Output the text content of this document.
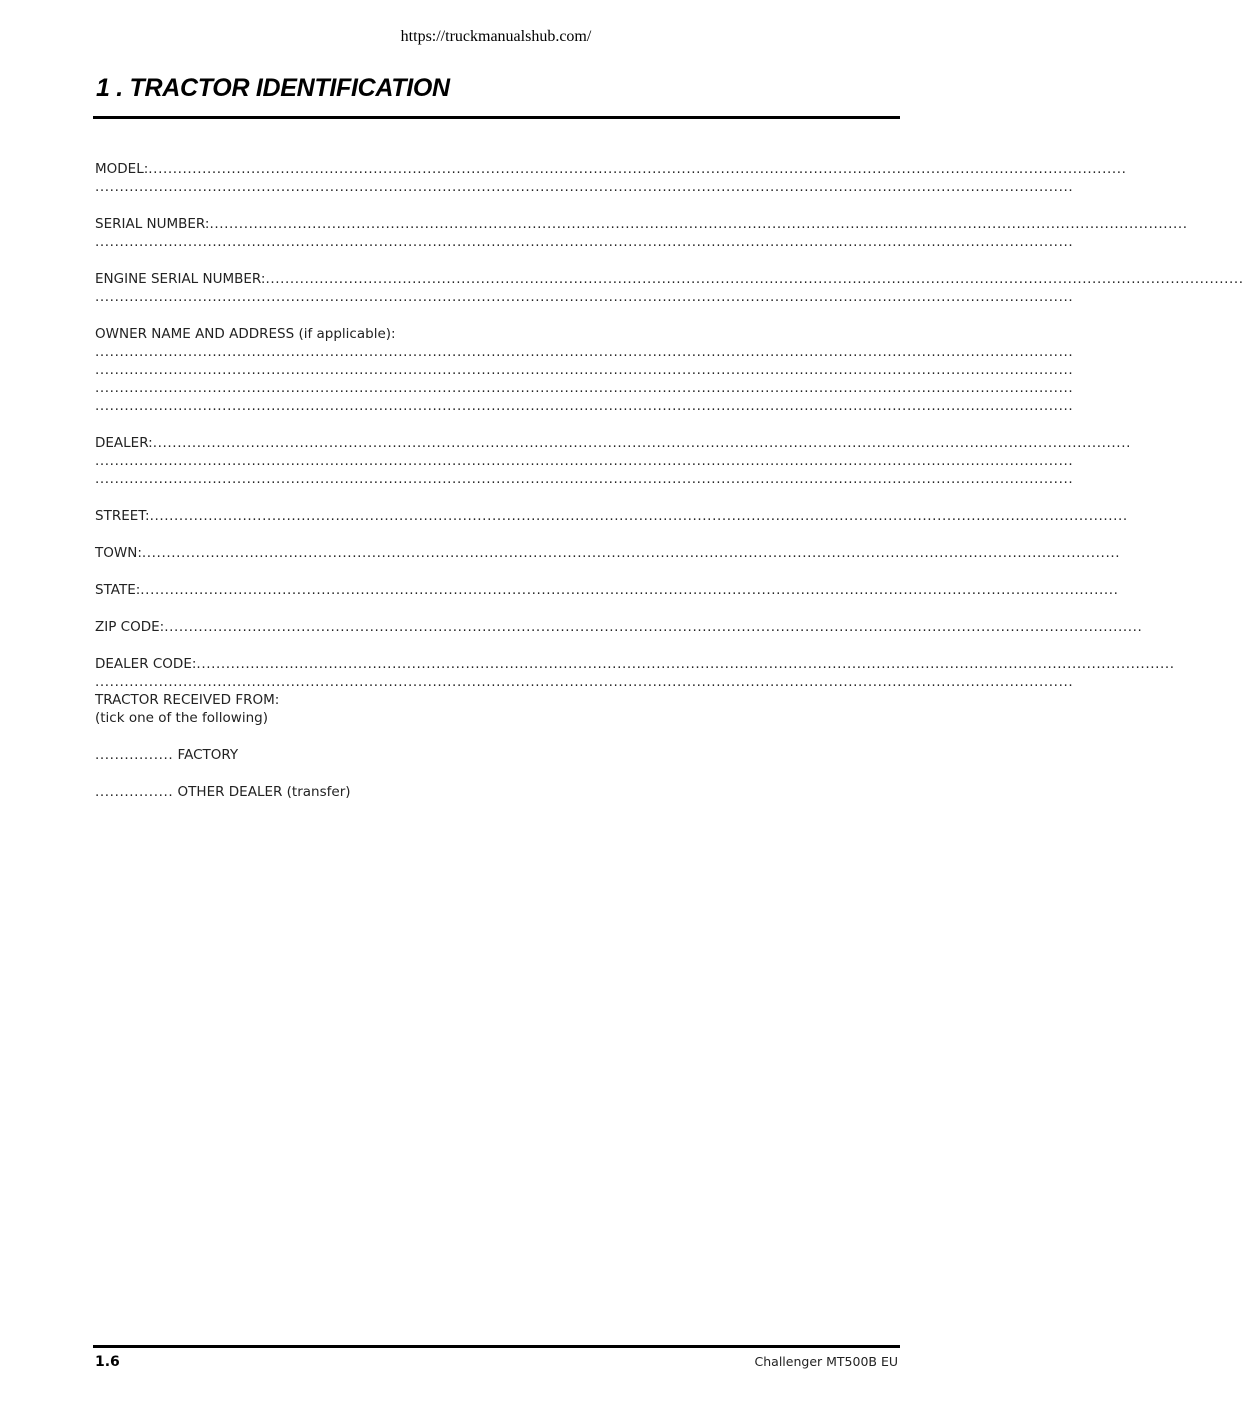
https://truckmanualshub.com/
1 . TRACTOR IDENTIFICATION
MODEL: ........................................................................................................................................................................................................
........................................................................................................................................................................................................
SERIAL NUMBER: ........................................................................................................................................................................................................
........................................................................................................................................................................................................
ENGINE SERIAL NUMBER: ........................................................................................................................................................................................................
........................................................................................................................................................................................................
OWNER NAME AND ADDRESS (if applicable):
........................................................................................................................................................................................................
........................................................................................................................................................................................................
........................................................................................................................................................................................................
........................................................................................................................................................................................................
DEALER: ........................................................................................................................................................................................................
........................................................................................................................................................................................................
........................................................................................................................................................................................................
STREET: ........................................................................................................................................................................................................
TOWN: ........................................................................................................................................................................................................
STATE: ........................................................................................................................................................................................................
ZIP CODE: ........................................................................................................................................................................................................
DEALER CODE: ........................................................................................................................................................................................................
........................................................................................................................................................................................................
TRACTOR RECEIVED FROM:
(tick one of the following)
................ FACTORY
................ OTHER DEALER (transfer)
1.6	Challenger MT500B EU
